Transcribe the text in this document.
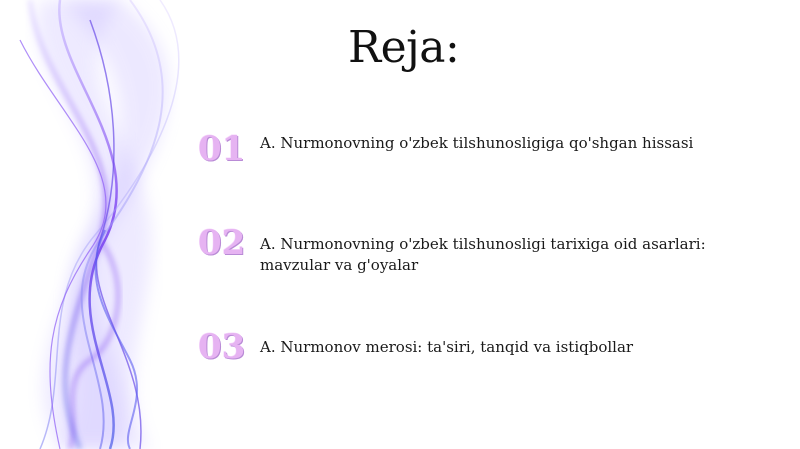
Reja:
01 A. Nurmonovning o'zbek tilshunosligiga qo'shgan hissasi
02 A. Nurmonovning o'zbek tilshunosligi tarixiga oid asarlari: mavzular va g'oyalar
03 A. Nurmonov merosi: ta'siri, tanqid va istiqbollar
